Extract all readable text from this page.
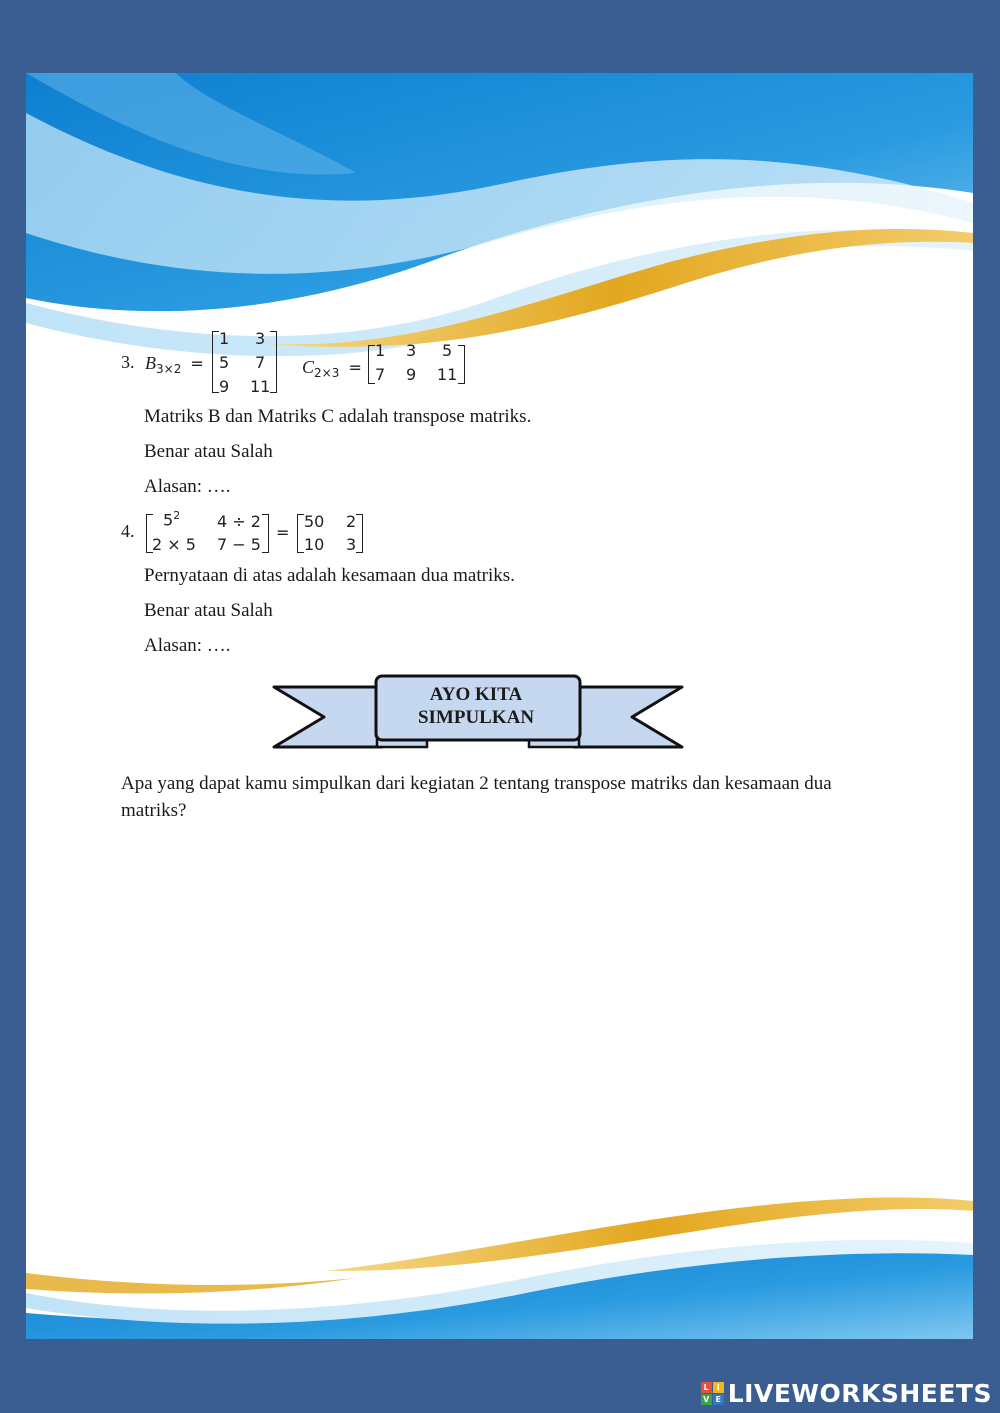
3. $B_{3\times 2}$ =
1 3
5 7
9 11
$C_{2\times 3}$ =
1 3 5
7 9 11
Matriks B dan Matriks C adalah transpose matriks.
Benar atau Salah
Alasan: ….
4.
$5^2$ 4 ÷ 2
2 × 5 7 − 5
=
50 2
10 3
Pernyataan di atas adalah kesamaan dua matriks.
Benar atau Salah
Alasan: ….
AYO KITA
SIMPULKAN
Apa yang dapat kamu simpulkan dari kegiatan 2 tentang transpose matriks dan kesamaan dua
matriks?
L I
V E LIVEWORKSHEETS
